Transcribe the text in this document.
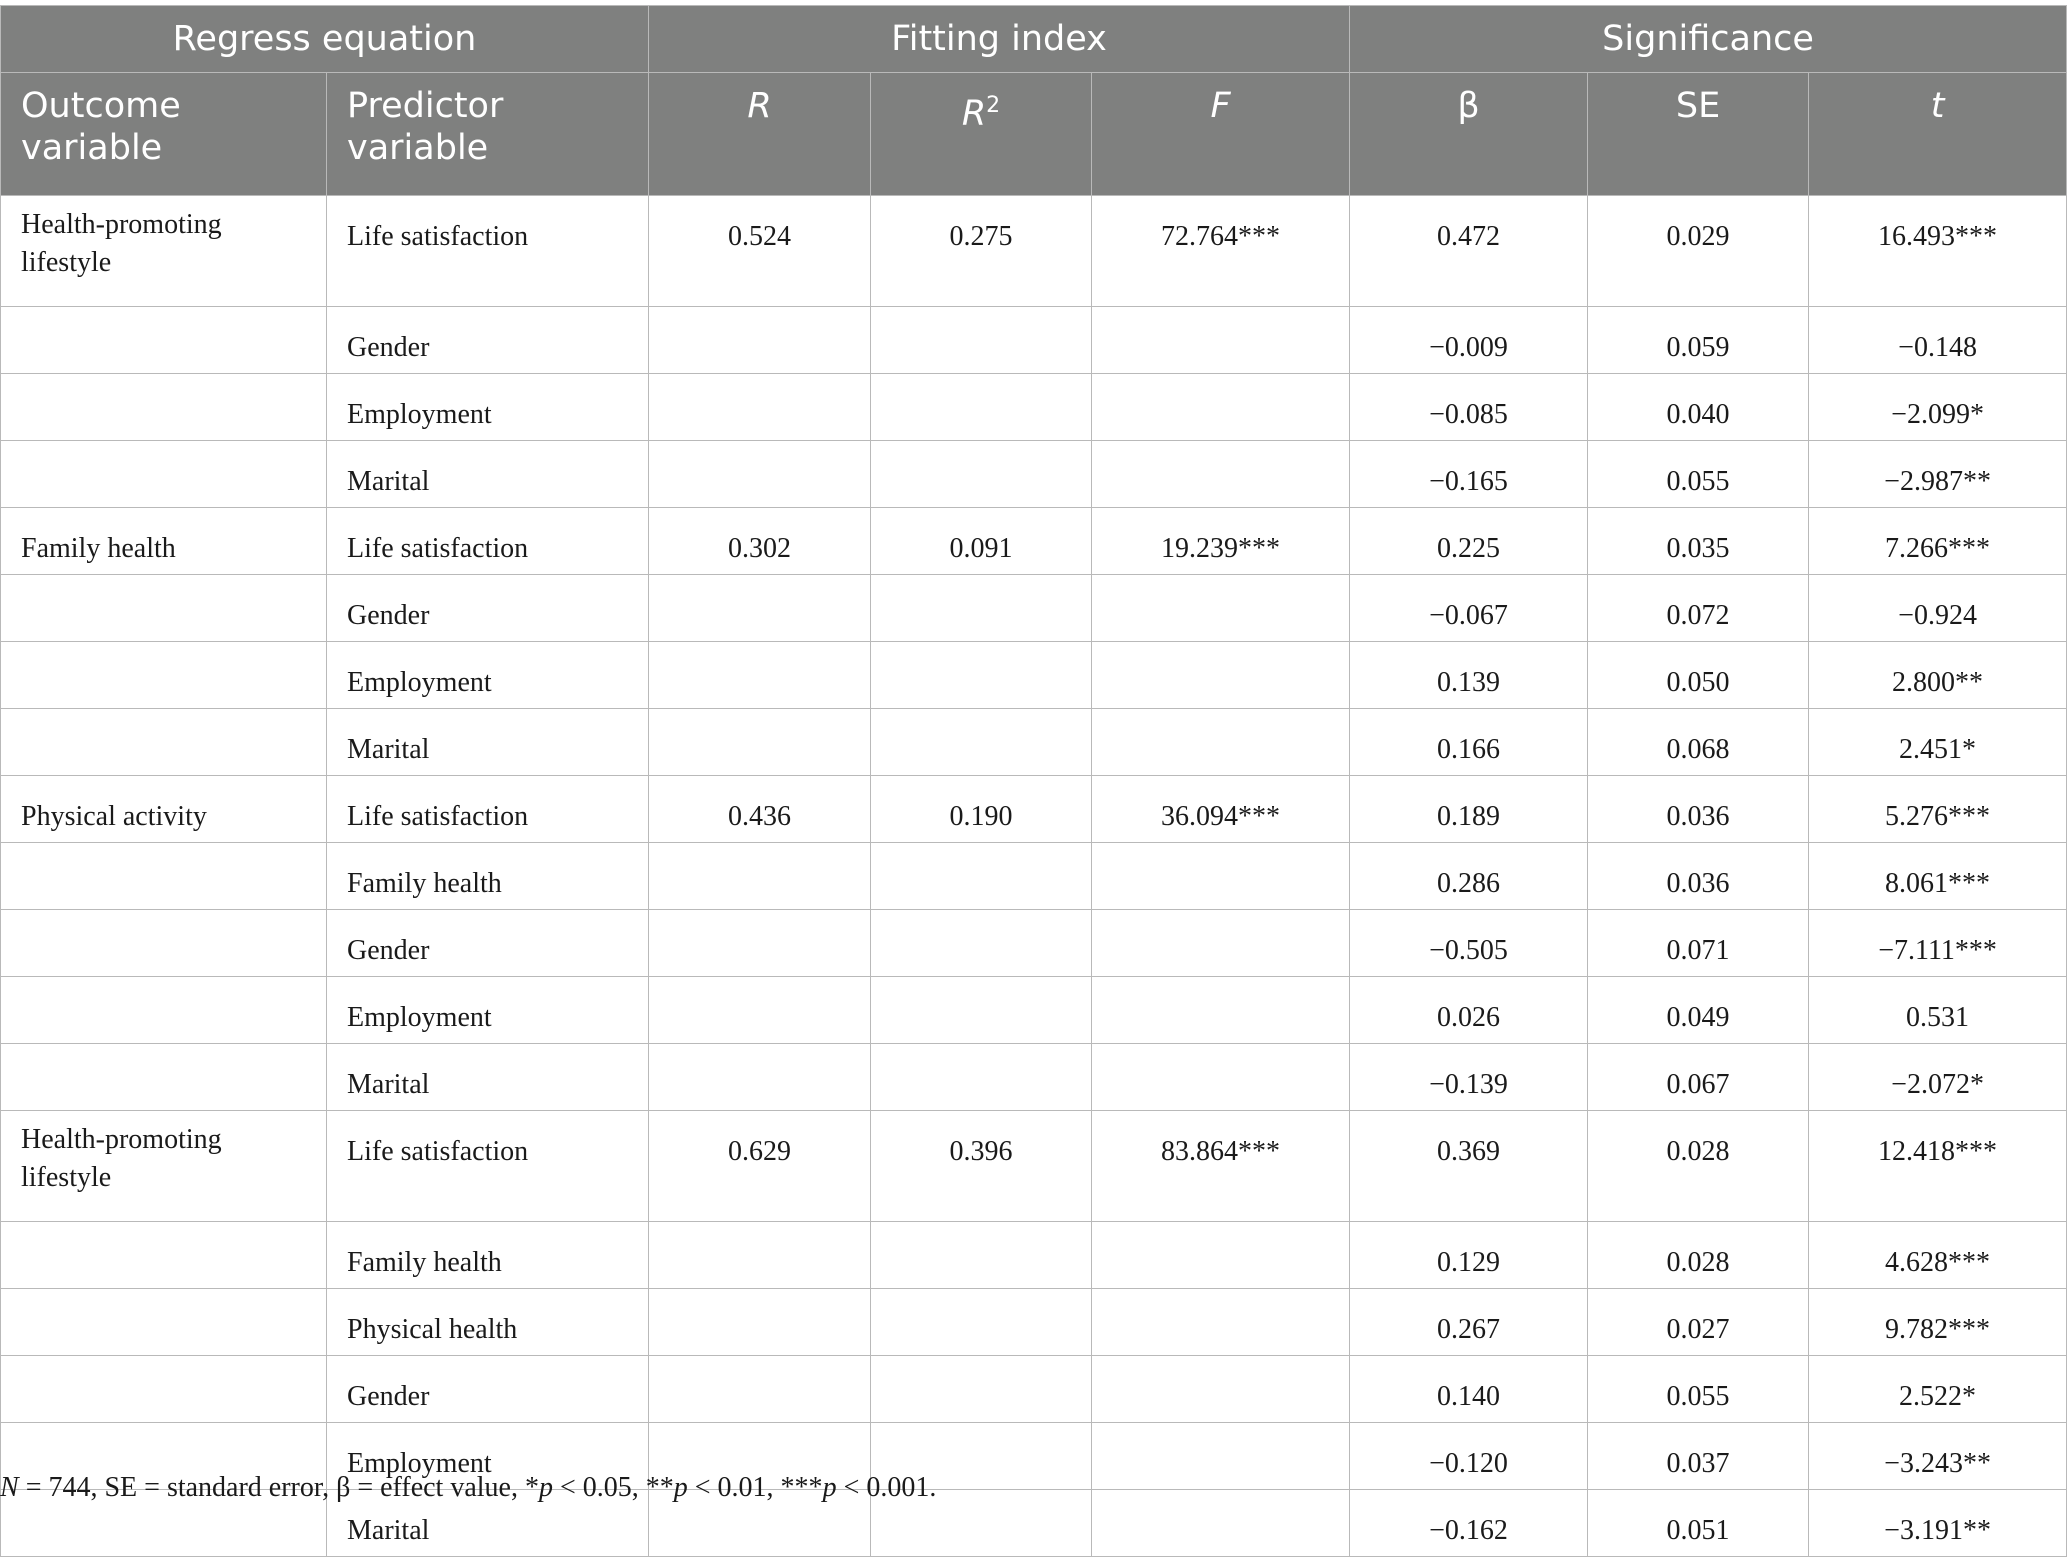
Regress equation		Fitting index			Significance		
Outcome variable	Predictor variable	R	$R^2$	F	β	SE	t
Health-promoting lifestyle	Life satisfaction	0.524	0.275	72.764***	0.472	0.029	16.493***
	Gender				−0.009	0.059	−0.148
	Employment				−0.085	0.040	−2.099*
	Marital				−0.165	0.055	−2.987**
Family health	Life satisfaction	0.302	0.091	19.239***	0.225	0.035	7.266***
	Gender				−0.067	0.072	−0.924
	Employment				0.139	0.050	2.800**
	Marital				0.166	0.068	2.451*
Physical activity	Life satisfaction	0.436	0.190	36.094***	0.189	0.036	5.276***
	Family health				0.286	0.036	8.061***
	Gender				−0.505	0.071	−7.111***
	Employment				0.026	0.049	0.531
	Marital				−0.139	0.067	−2.072*
Health-promoting lifestyle	Life satisfaction	0.629	0.396	83.864***	0.369	0.028	12.418***
	Family health				0.129	0.028	4.628***
	Physical health				0.267	0.027	9.782***
	Gender				0.140	0.055	2.522*
	Employment				−0.120	0.037	−3.243**
	Marital				−0.162	0.051	−3.191**
N = 744, SE = standard error, β = effect value, *p < 0.05, **p < 0.01, ***p < 0.001.
